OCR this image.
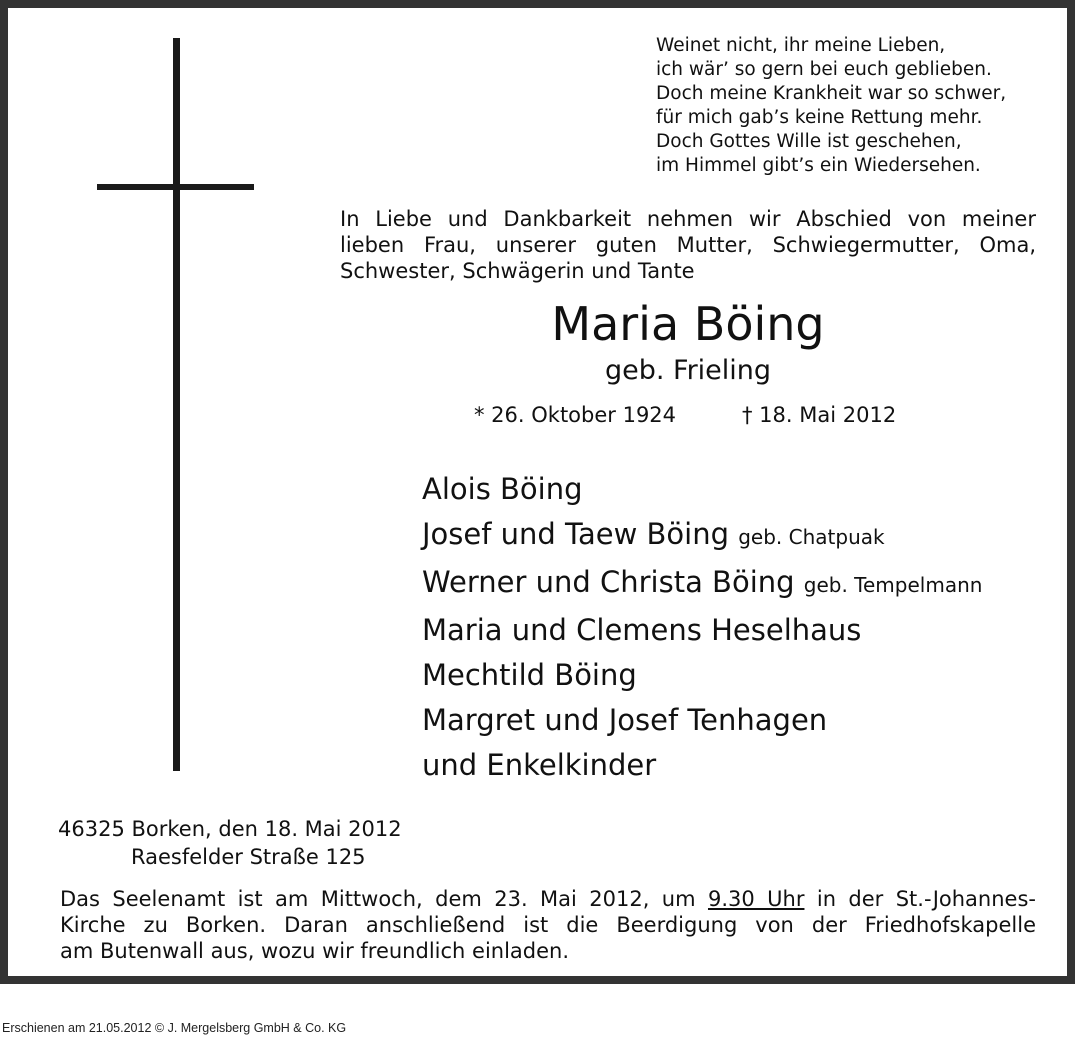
Weinet nicht, ihr meine Lieben,
ich wär’ so gern bei euch geblieben.
Doch meine Krankheit war so schwer,
für mich gab’s keine Rettung mehr.
Doch Gottes Wille ist geschehen,
im Himmel gibt’s ein Wiedersehen.
In Liebe und Dankbarkeit nehmen wir Abschied von meiner
lieben Frau, unserer guten Mutter, Schwiegermutter, Oma,
Schwester, Schwägerin und Tante
Maria Böing
geb. Frieling
* 26. Oktober 1924	† 18. Mai 2012
Alois Böing
Josef und Taew Böing geb. Chatpuak
Werner und Christa Böing geb. Tempelmann
Maria und Clemens Heselhaus
Mechtild Böing
Margret und Josef Tenhagen
und Enkelkinder
46325 Borken, den 18. Mai 2012
Raesfelder Straße 125
Das Seelenamt ist am Mittwoch, dem 23. Mai 2012, um 9.30 Uhr in der St.-Johannes-
Kirche zu Borken. Daran anschließend ist die Beerdigung von der Friedhofskapelle
am Butenwall aus, wozu wir freundlich einladen.
Erschienen am 21.05.2012 © J. Mergelsberg GmbH & Co. KG
